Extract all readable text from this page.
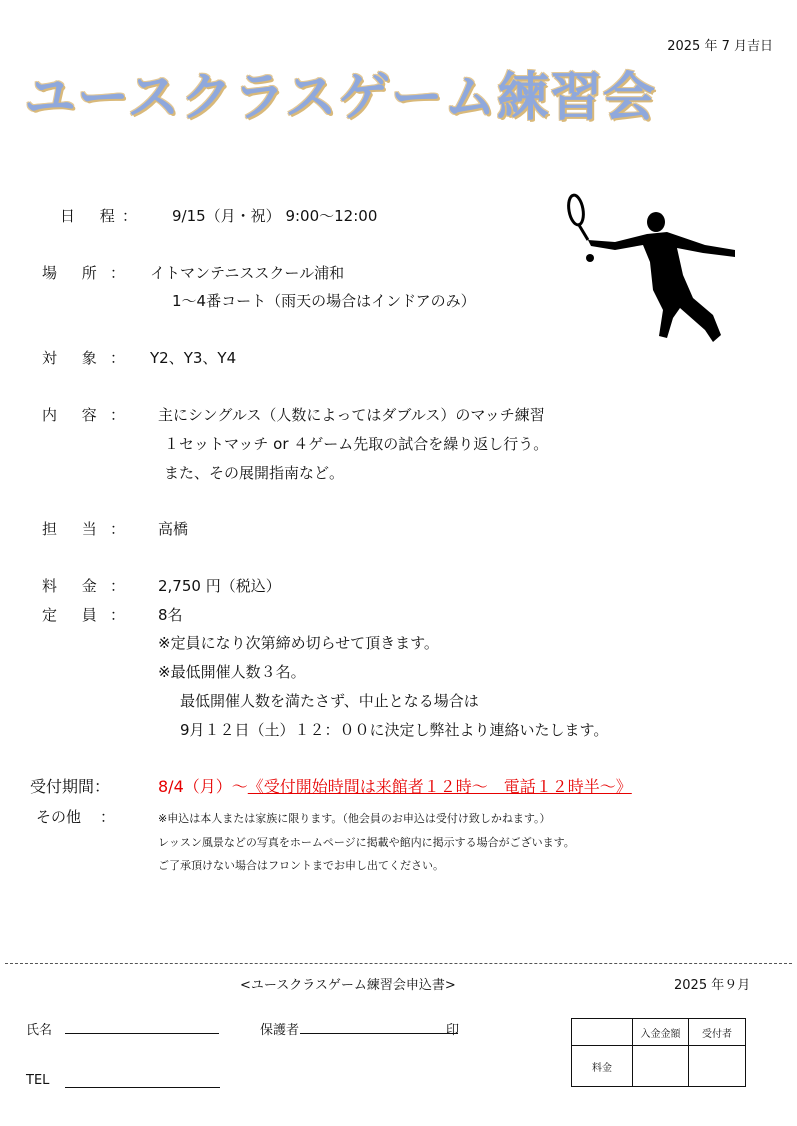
2025 年 7 月吉日
ユースクラスゲーム練習会
日 程
： 9/15（月・祝） 9:00～12:00
場 所 ： イトマンテニススクール浦和
1～4番コート（雨天の場合はインドアのみ）
対 象 ： Y2、Y3、Y4
内 容 ： 主にシングルス（人数によってはダブルス）のマッチ練習
１セットマッチ or ４ゲーム先取の試合を繰り返し行う。
また、その展開指南など。
担 当 ： 高橋
料 金 ： 2,750 円（税込）
定 員 ： 8名
※定員になり次第締め切らせて頂きます。
※最低開催人数３名。
最低開催人数を満たさず、中止となる場合は
9月１２日（土）１２：００に決定し弊社より連絡いたします。
受付期間：	8/4（月）～《受付開始時間は来館者１２時～　電話１２時半～》
その他 ：	※申込は本人または家族に限ります。（他会員のお申込は受付け致しかねます。）
レッスン風景などの写真をホームページに掲載や館内に掲示する場合がございます。
ご了承頂けない場合はフロントまでお申し出てください。
<ユースクラスゲーム練習会申込書>	2025 年９月
氏名	保護者	印
TEL
	入金金額	受付者
料金		
